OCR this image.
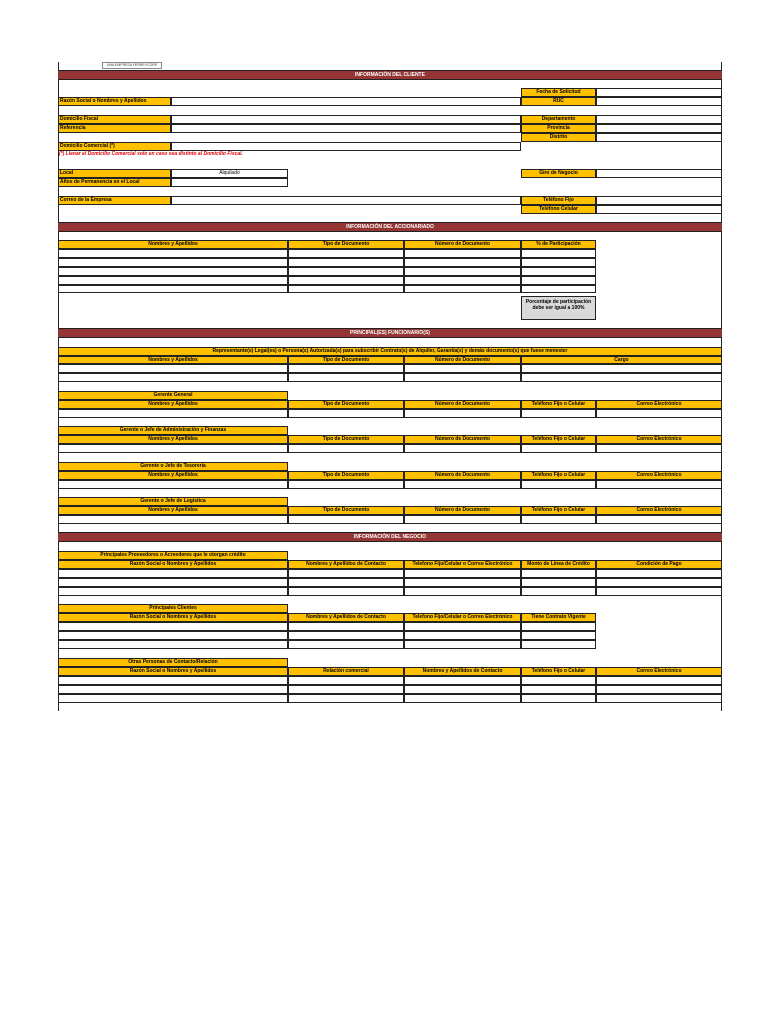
UNA EMPRESA FERREYCORP
INFORMACIÓN DEL CLIENTE
Fecha de Solicitud
Razón Social o Nombres y Apellidos	RUC
Domicilio Fiscal	Departamento
Referencia	Provincia
Distrito
Domicilio Comercial (*)
(*) Llenar el Domicilio Comercial solo en caso sea distinto al Domicilio Fiscal.
Local	Alquilado	Giro de Negocio
Años de Permanencia en el Local
Correo de la Empresa	Teléfono Fijo
Teléfono Celular
INFORMACIÓN DEL ACCIONARIADO
Nombres y Apellidos	Tipo de Documento	Número de Documento	% de Participación
Porcentaje de participación debe ser igual a 100%
PRINCIPAL(ES) FUNCIONARIO(S)
Representante(s) Legal(es) o Persona(s) Autorizada(s) para subscribir Contrato(s) de Alquiler, Garantía(s) y demás documento(s) que fuese menester
Nombres y Apellidos	Tipo de Documento	Número de Documento	Cargo
Gerente General
Nombres y Apellidos	Tipo de Documento	Número de Documento	Teléfono Fijo o Celular	Correo Electrónico
Gerente o Jefe de Administración y Finanzas
Nombres y Apellidos	Tipo de Documento	Número de Documento	Teléfono Fijo o Celular	Correo Electrónico
Gerente o Jefe de Tesorería
Nombres y Apellidos	Tipo de Documento	Número de Documento	Teléfono Fijo o Celular	Correo Electrónico
Gerente o Jefe de Logística
Nombres y Apellidos	Tipo de Documento	Número de Documento	Teléfono Fijo o Celular	Correo Electrónico
INFORMACIÓN DEL NEGOCIO
Principales Proveedores o Acreedores que le otorgan crédito
Razón Social o Nombres y Apellidos	Nombres y Apellidos de Contacto	Telefono Fijo/Celular o Correo Electrónico	Monto de Línea de Crédito	Condición de Pago
Principales Clientes
Razón Social o Nombres y Apellidos	Nombres y Apellidos de Contacto	Telefono Fijo/Celular o Correo Electrónico	Tiene Contrato Vigente
Otras Personas de Contacto/Relación
Razón Social o Nombres y Apellidos	Relación comercial	Nombres y Apellidos de Contacto	Teléfono Fijo o Celular	Correo Electrónico
